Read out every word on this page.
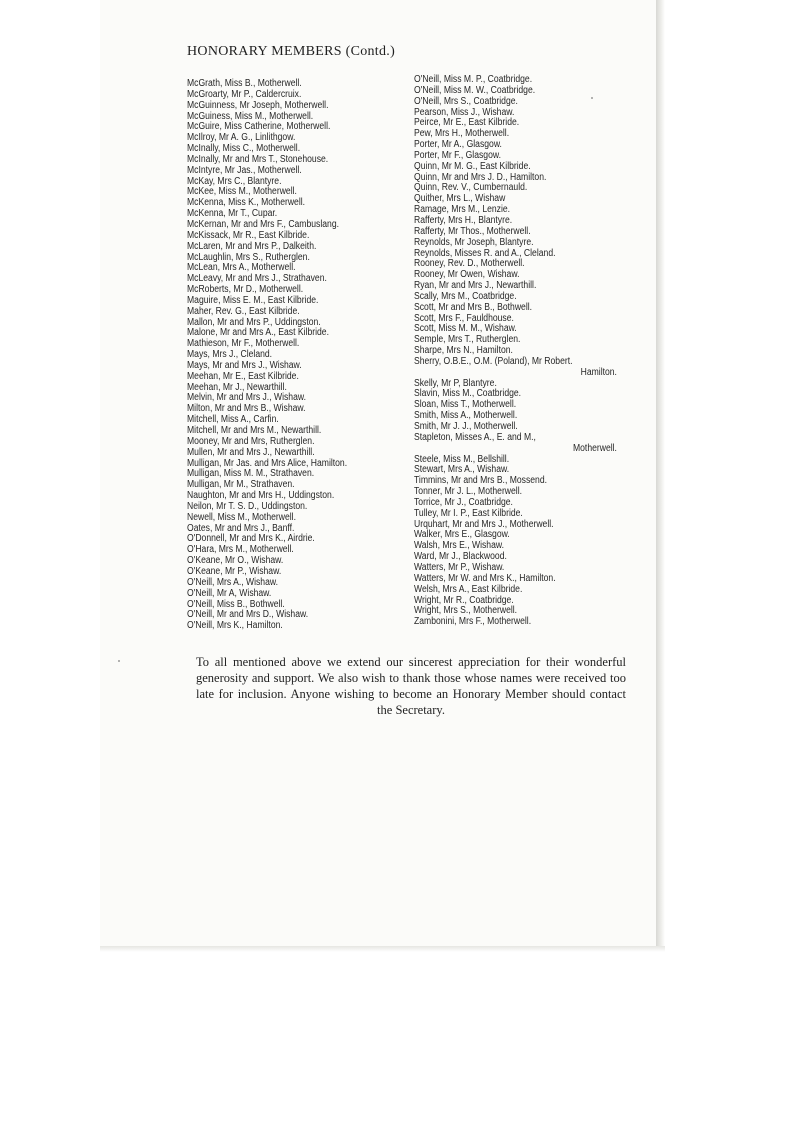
HONORARY MEMBERS (Contd.)
McGrath, Miss B., Motherwell.
McGroarty, Mr P., Caldercruix.
McGuinness, Mr Joseph, Motherwell.
McGuiness, Miss M., Motherwell.
McGuire, Miss Catherine, Motherwell.
McIlroy, Mr A. G., Linlithgow.
McInally, Miss C., Motherwell.
McInally, Mr and Mrs T., Stonehouse.
McIntyre, Mr Jas., Motherwell.
McKay, Mrs C., Blantyre.
McKee, Miss M., Motherwell.
McKenna, Miss K., Motherwell.
McKenna, Mr T., Cupar.
McKernan, Mr and Mrs F., Cambuslang.
McKissack, Mr R., East Kilbride.
McLaren, Mr and Mrs P., Dalkeith.
McLaughlin, Mrs S., Rutherglen.
McLean, Mrs A., Motherwell.
McLeavy, Mr and Mrs J., Strathaven.
McRoberts, Mr D., Motherwell.
Maguire, Miss E. M., East Kilbride.
Maher, Rev. G., East Kilbride.
Mallon, Mr and Mrs P., Uddingston.
Malone, Mr and Mrs A., East Kilbride.
Mathieson, Mr F., Motherwell.
Mays, Mrs J., Cleland.
Mays, Mr and Mrs J., Wishaw.
Meehan, Mr E., East Kilbride.
Meehan, Mr J., Newarthill.
Melvin, Mr and Mrs J., Wishaw.
Milton, Mr and Mrs B., Wishaw.
Mitchell, Miss A., Carfin.
Mitchell, Mr and Mrs M., Newarthill.
Mooney, Mr and Mrs, Rutherglen.
Mullen, Mr and Mrs J., Newarthill.
Mulligan, Mr Jas. and Mrs Alice, Hamilton.
Mulligan, Miss M. M., Strathaven.
Mulligan, Mr M., Strathaven.
Naughton, Mr and Mrs H., Uddingston.
Neilon, Mr T. S. D., Uddingston.
Newell, Miss M., Motherwell.
Oates, Mr and Mrs J., Banff.
O'Donnell, Mr and Mrs K., Airdrie.
O'Hara, Mrs M., Motherwell.
O'Keane, Mr O., Wishaw.
O'Keane, Mr P., Wishaw.
O'Neill, Mrs A., Wishaw.
O'Neill, Mr A, Wishaw.
O'Neill, Miss B., Bothwell.
O'Neill, Mr and Mrs D., Wishaw.
O'Neill, Mrs K., Hamilton.
O'Neill, Miss M. P., Coatbridge.
O'Neill, Miss M. W., Coatbridge.
O'Neill, Mrs S., Coatbridge.
Pearson, Miss J., Wishaw.
Peirce, Mr E., East Kilbride.
Pew, Mrs H., Motherwell.
Porter, Mr A., Glasgow.
Porter, Mr F., Glasgow.
Quinn, Mr M. G., East Kilbride.
Quinn, Mr and Mrs J. D., Hamilton.
Quinn, Rev. V., Cumbernauld.
Quither, Mrs L., Wishaw
Ramage, Mrs M., Lenzie.
Rafferty, Mrs H., Blantyre.
Rafferty, Mr Thos., Motherwell.
Reynolds, Mr Joseph, Blantyre.
Reynolds, Misses R. and A., Cleland.
Rooney, Rev. D., Motherwell.
Rooney, Mr Owen, Wishaw.
Ryan, Mr and Mrs J., Newarthill.
Scally, Mrs M., Coatbridge.
Scott, Mr and Mrs B., Bothwell.
Scott, Mrs F., Fauldhouse.
Scott, Miss M. M., Wishaw.
Semple, Mrs T., Rutherglen.
Sharpe, Mrs N., Hamilton.
Sherry, O.B.E., O.M. (Poland), Mr Robert.
Hamilton.
Skelly, Mr P, Blantyre.
Slavin, Miss M., Coatbridge.
Sloan, Miss T., Motherwell.
Smith, Miss A., Motherwell.
Smith, Mr J. J., Motherwell.
Stapleton, Misses A., E. and M.,
Motherwell.
Steele, Miss M., Bellshill.
Stewart, Mrs A., Wishaw.
Timmins, Mr and Mrs B., Mossend.
Tonner, Mr J. L., Motherwell.
Torrice, Mr J., Coatbridge.
Tulley, Mr I. P., East Kilbride.
Urquhart, Mr and Mrs J., Motherwell.
Walker, Mrs E., Glasgow.
Walsh, Mrs E., Wishaw.
Ward, Mr J., Blackwood.
Watters, Mr P., Wishaw.
Watters, Mr W. and Mrs K., Hamilton.
Welsh, Mrs A., East Kilbride.
Wright, Mr R., Coatbridge.
Wright, Mrs S., Motherwell.
Zambonini, Mrs F., Motherwell.

To all mentioned above we extend our sincerest appreciation for their wonderful generosity and support. We also wish to thank those whose names were received too late for inclusion. Anyone wishing to become an Honorary Member should contact the Secretary.
